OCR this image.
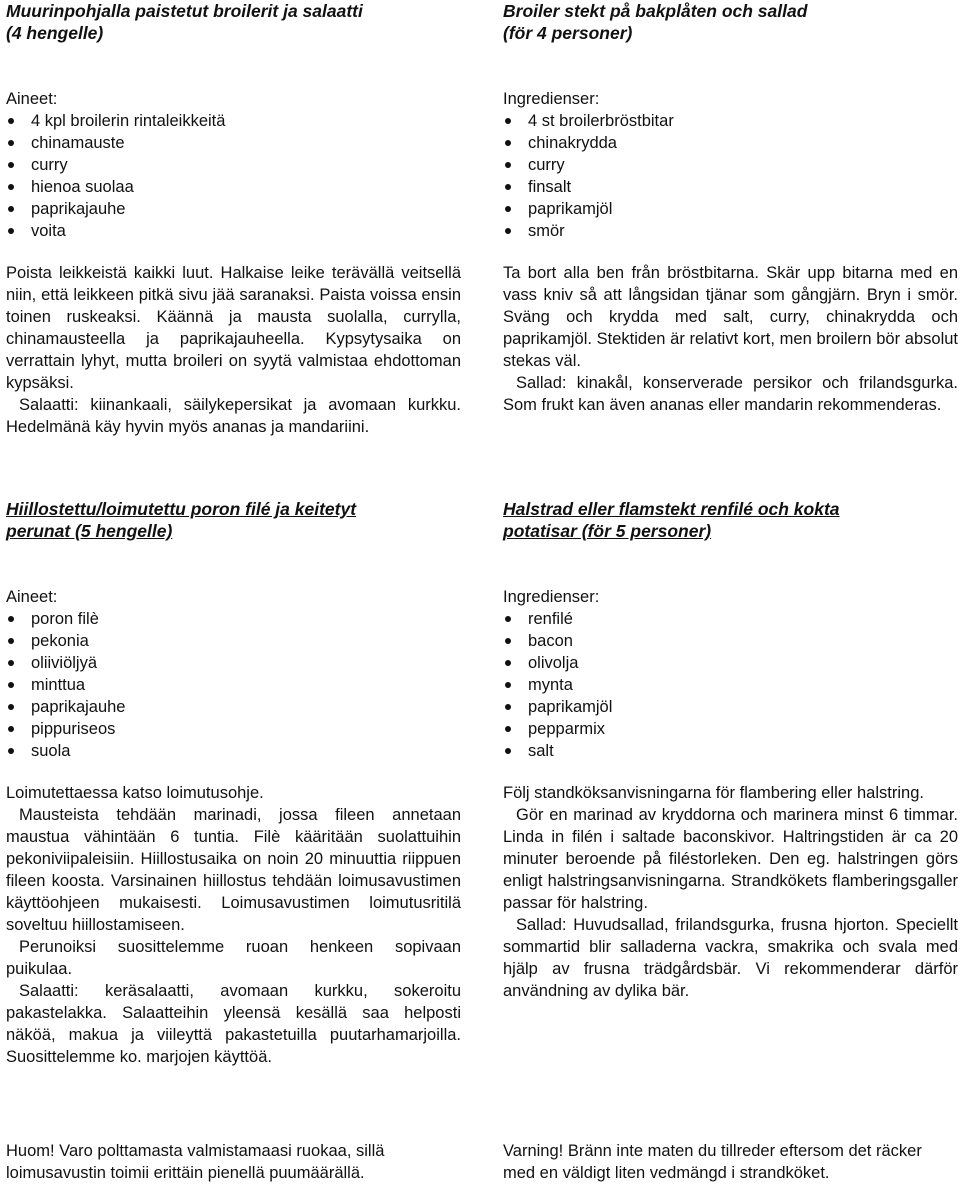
Muurinpohjalla paistetut broilerit ja salaatti
(4 hengelle)
Aineet:
4 kpl broilerin rintaleikkeitä
chinamauste
curry
hienoa suolaa
paprikajauhe
voita

Poista leikkeistä kaikki luut. Halkaise leike terävällä veitsellä niin, että leikkeen pitkä sivu jää saranaksi. Paista voissa ensin toinen ruskeaksi. Käännä ja mausta suolalla, currylla, chinamausteella ja paprikajauheella. Kypsytysaika on verrattain lyhyt, mutta broileri on syytä valmistaa ehdottoman kypsäksi.

Salaatti: kiinankaali, säilykepersikat ja avomaan kurkku. Hedelmänä käy hyvin myös ananas ja mandariini.

Broiler stekt på bakplåten och sallad
(för 4 personer)
Ingredienser:
4 st broilerbröstbitar
chinakrydda
curry
finsalt
paprikamjöl
smör

Ta bort alla ben från bröstbitarna. Skär upp bitarna med en vass kniv så att långsidan tjänar som gångjärn. Bryn i smör. Sväng och krydda med salt, curry, chinakrydda och paprikamjöl. Stektiden är relativt kort, men broilern bör absolut stekas väl.

Sallad: kinakål, konserverade persikor och frilandsgurka. Som frukt kan även ananas eller mandarin rekommenderas.

Hiillostettu/loimutettu poron filé ja keitetyt
perunat (5 hengelle)
Aineet:
poron filè
pekonia
oliiviöljyä
minttua
paprikajauhe
pippuriseos
suola

Loimutettaessa katso loimutusohje.

Mausteista tehdään marinadi, jossa fileen annetaan maustua vähintään 6 tuntia. Filè kääritään suolattuihin pekoniviipaleisiin. Hiillostusaika on noin 20 minuuttia riippuen fileen koosta. Varsinainen hiillostus tehdään loimusavustimen käyttöohjeen mukaisesti. Loimusavustimen loimutusritilä soveltuu hiillostamiseen.

Perunoiksi suosittelemme ruoan henkeen sopivaan puikulaa.

Salaatti: keräsalaatti, avomaan kurkku, sokeroitu pakastelakka. Salaatteihin yleensä kesällä saa helposti näköä, makua ja viileyttä pakastetuilla puutarhamarjoilla. Suosittelemme ko. marjojen käyttöä.

Halstrad eller flamstekt renfilé och kokta
potatisar (för 5 personer)
Ingredienser:
renfilé
bacon
olivolja
mynta
paprikamjöl
pepparmix
salt

Följ standköksanvisningarna för flambering eller halstring.

Gör en marinad av kryddorna och marinera minst 6 timmar. Linda in filén i saltade baconskivor. Haltringstiden är ca 20 minuter beroende på filéstorleken. Den eg. halstringen görs enligt halstringsanvisningarna. Strandkökets flamberingsgaller passar för halstring.

Sallad: Huvudsallad, frilandsgurka, frusna hjorton. Speciellt sommartid blir salladerna vackra, smakrika och svala med hjälp av frusna trädgårdsbär. Vi rekommenderar därför användning av dylika bär.

Huom! Varo polttamasta valmistamaasi ruokaa, sillä loimusavustin toimii erittäin pienellä puumäärällä.

Varning! Bränn inte maten du tillreder eftersom det räcker med en väldigt liten vedmängd i strandköket.
